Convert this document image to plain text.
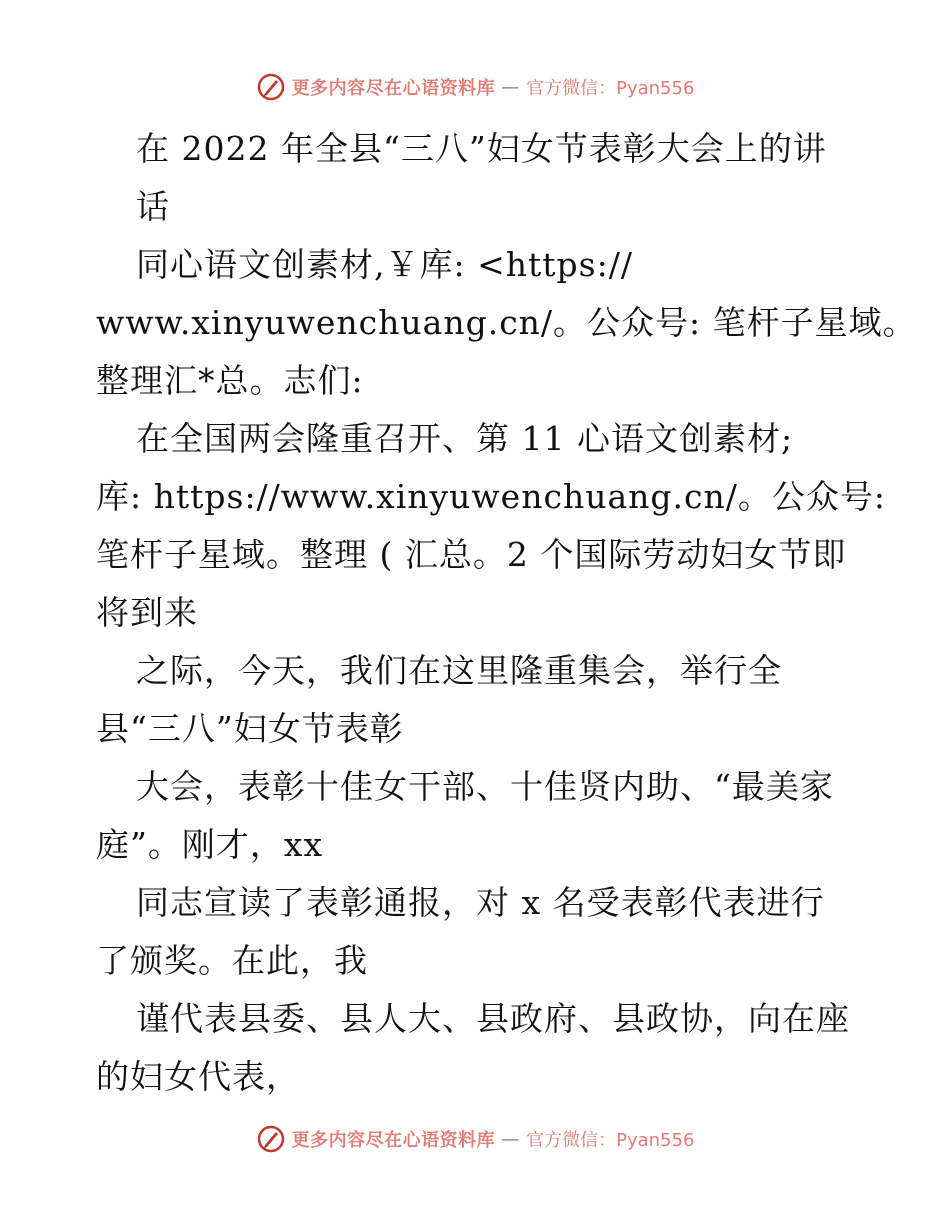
更多内容尽在心语资料库 — 官方微信：Pyan556
在 2022 年全县“三八”妇女节表彰大会上的讲
话
同心语文创素材,￥库: <https://
www.xinyuwenchuang.cn/。公众号: 笔杆子星域。
整理汇*总。志们:
在全国两会隆重召开、第 11 心语文创素材;
库: https://www.xinyuwenchuang.cn/。公众号:
笔杆子星域。整理 ( 汇总。2 个国际劳动妇女节即
将到来
之际，今天，我们在这里隆重集会，举行全
县“三八”妇女节表彰
大会，表彰十佳女干部、十佳贤内助、“最美家
庭”。刚才，xx
同志宣读了表彰通报，对 x 名受表彰代表进行
了颁奖。在此，我
谨代表县委、县人大、县政府、县政协，向在座
的妇女代表，
更多内容尽在心语资料库 — 官方微信：Pyan556
